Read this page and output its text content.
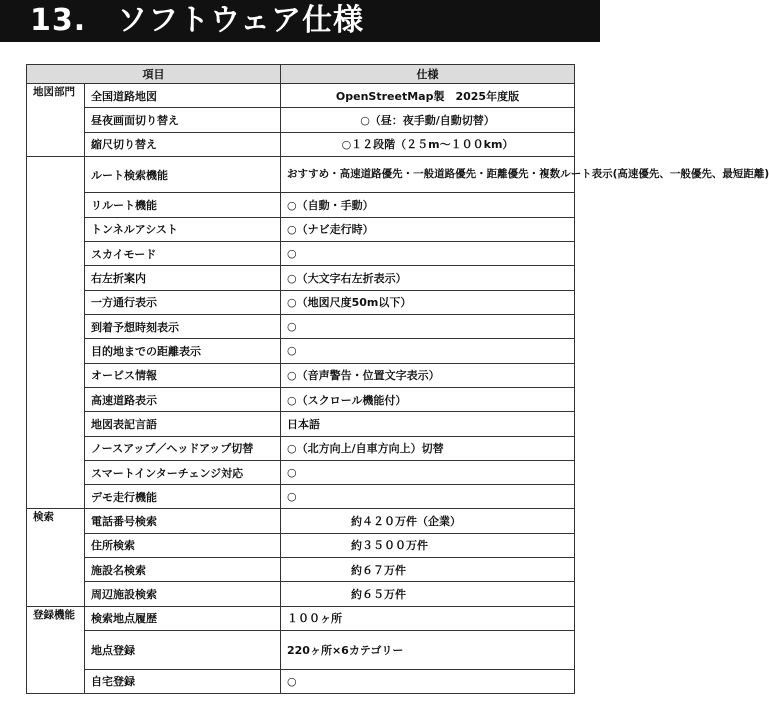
13.　ソフトウェア仕様
項目		仕様
地図部門	全国道路地図	OpenStreetMap製　2025年度版
	昼夜画面切り替え	○（昼：夜手動/自動切替）
	縮尺切り替え	○１２段階（２５m～１００km）
	ルート検索機能	おすすめ・高速道路優先・一般道路優先・距離優先・複数ルート表示(高速優先、一般優先、最短距離)
	リルート機能	○（自動・手動）
	トンネルアシスト	○（ナビ走行時）
	スカイモード	○
	右左折案内	○（大文字右左折表示）
	一方通行表示	○（地図尺度50m以下）
	到着予想時刻表示	○
	目的地までの距離表示	○
	オービス情報	○（音声警告・位置文字表示）
	高速道路表示	○（スクロール機能付）
	地図表記言語	日本語
	ノースアップ／ヘッドアップ切替	○（北方向上/自車方向上）切替
	スマートインターチェンジ対応	○
	デモ走行機能	○
検索	電話番号検索	約４２０万件（企業）
	住所検索	約３５００万件
	施設名検索	約６７万件
	周辺施設検索	約６５万件
登録機能	検索地点履歴	１００ヶ所
	地点登録	220ヶ所×6カテゴリー
	自宅登録	○
